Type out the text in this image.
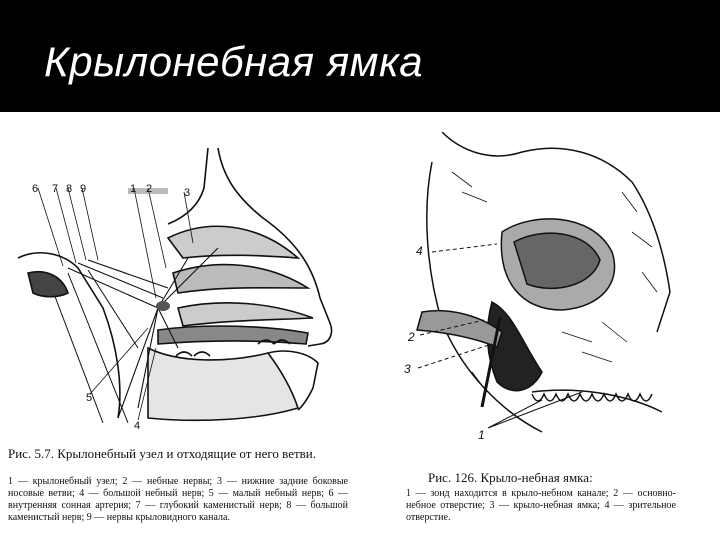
Крылонебная ямка
6 7 8 9	1 2	3
5
4
4
2
3
1
Рис. 5.7. Крылонебный узел и отходящие от него ветви.
1 — крылонебный узел; 2 — небные нервы; 3 — нижние задние боковые носовые ветви; 4 — большой небный нерв; 5 — малый небный нерв; 6 — внутренняя сонная артерия; 7 — глубокий каменистый нерв; 8 — большой каменистый нерв; 9 — нервы крыловидного канала.
Рис. 126. Крыло-небная ямка:
1 — зонд находится в крыло-небном канале; 2 — основно-небное отверстие; 3 — крыло-небная ямка; 4 — зрительное отверстие.
